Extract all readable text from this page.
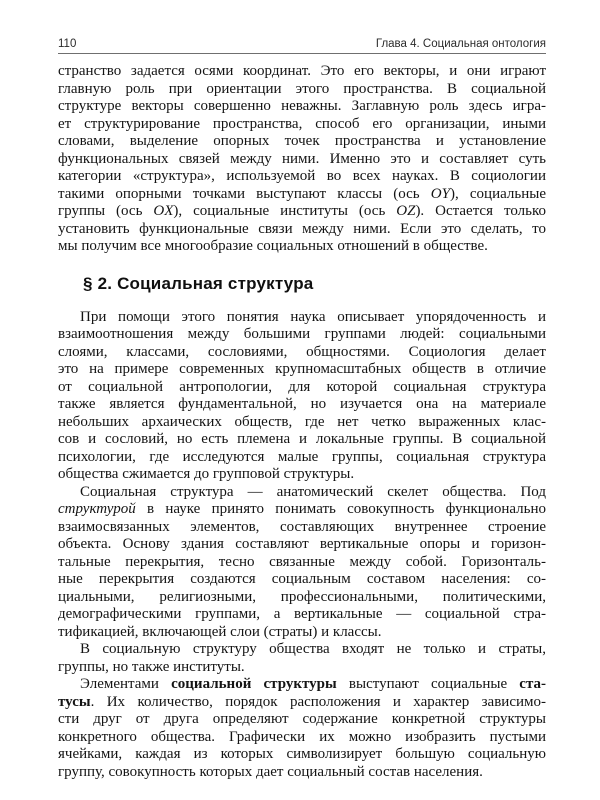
110	Глава 4. Социальная онтология
странство задается осями координат. Это его векторы, и они играют
главную роль при ориентации этого пространства. В социальной
структуре векторы совершенно неважны. Заглавную роль здесь игра-
ет структурирование пространства, способ его организации, иными
словами, выделение опорных точек пространства и установление
функциональных связей между ними. Именно это и составляет суть
категории «структура», используемой во всех науках. В социологии
такими опорными точками выступают классы (ось OY), социальные
группы (ось OX), социальные институты (ось OZ). Остается только
установить функциональные связи между ними. Если это сделать, то
мы получим все многообразие социальных отношений в обществе.
§ 2. Социальная структура
При помощи этого понятия наука описывает упорядоченность и
взаимоотношения между большими группами людей: социальными
слоями, классами, сословиями, общностями. Социология делает
это на примере современных крупномасштабных обществ в отличие
от социальной антропологии, для которой социальная структура
также является фундаментальной, но изучается она на материале
небольших архаических обществ, где нет четко выраженных клас-
сов и сословий, но есть племена и локальные группы. В социальной
психологии, где исследуются малые группы, социальная структура
общества сжимается до групповой структуры.
Социальная структура — анатомический скелет общества. Под
структурой в науке принято понимать совокупность функционально
взаимосвязанных элементов, составляющих внутреннее строение
объекта. Основу здания составляют вертикальные опоры и горизон-
тальные перекрытия, тесно связанные между собой. Горизонталь-
ные перекрытия создаются социальным составом населения: со-
циальными, религиозными, профессиональными, политическими,
демографическими группами, а вертикальные — социальной стра-
тификацией, включающей слои (страты) и классы.
В социальную структуру общества входят не только и страты,
группы, но также институты.
Элементами социальной структуры выступают социальные ста-
тусы. Их количество, порядок расположения и характер зависимо-
сти друг от друга определяют содержание конкретной структуры
конкретного общества. Графически их можно изобразить пустыми
ячейками, каждая из которых символизирует большую социальную
группу, совокупность которых дает социальный состав населения.
